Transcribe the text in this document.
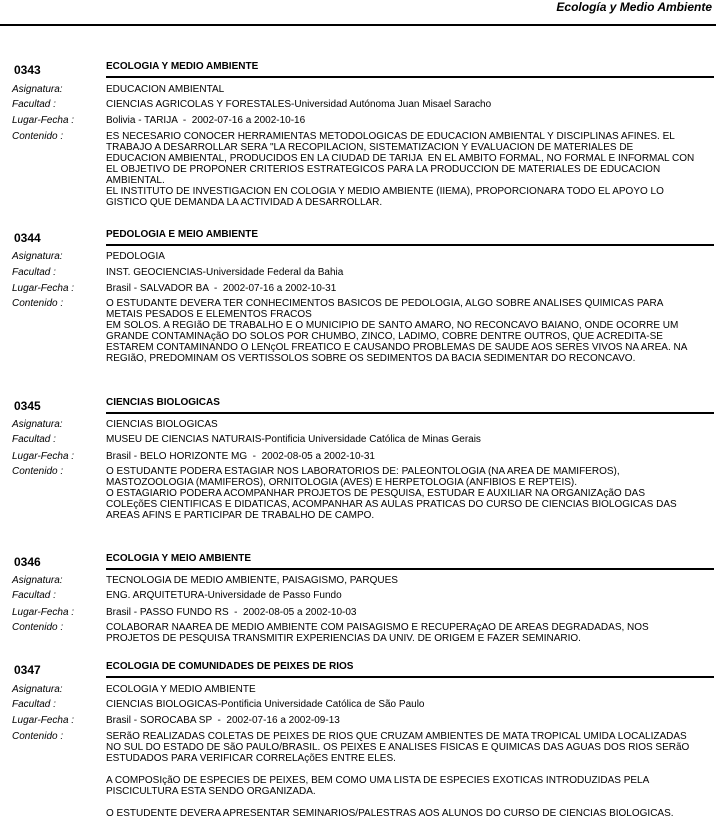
Ecología y Medio Ambiente
0343	ECOLOGIA Y MEDIO AMBIENTE
Asignatura:	EDUCACION AMBIENTAL
Facultad :	CIENCIAS AGRICOLAS Y FORESTALES-Universidad Autónoma Juan Misael Saracho
Lugar-Fecha :	Bolivia - TARIJA  -  2002-07-16 a 2002-10-16
Contenido :	ES NECESARIO CONOCER HERRAMIENTAS METODOLOGICAS DE EDUCACION AMBIENTAL Y DISCIPLINAS AFINES. EL
TRABAJO A DESARROLLAR SERA "LA RECOPILACION, SISTEMATIZACION Y EVALUACION DE MATERIALES DE
EDUCACION AMBIENTAL, PRODUCIDOS EN LA CIUDAD DE TARIJA  EN EL AMBITO FORMAL, NO FORMAL E INFORMAL CON
EL OBJETIVO DE PROPONER CRITERIOS ESTRATEGICOS PARA LA PRODUCCION DE MATERIALES DE EDUCACION
AMBIENTAL.
EL INSTITUTO DE INVESTIGACION EN COLOGIA Y MEDIO AMBIENTE (IIEMA), PROPORCIONARA TODO EL APOYO LO
GISTICO QUE DEMANDA LA ACTIVIDAD A DESARROLLAR.
0344	PEDOLOGIA E MEIO AMBIENTE
Asignatura:	PEDOLOGIA
Facultad :	INST. GEOCIENCIAS-Universidade Federal da Bahia
Lugar-Fecha :	Brasil - SALVADOR BA  -  2002-07-16 a 2002-10-31
Contenido :	O ESTUDANTE DEVERA TER CONHECIMENTOS BASICOS DE PEDOLOGIA, ALGO SOBRE ANALISES QUIMICAS PARA
METAIS PESADOS E ELEMENTOS FRACOS
EM SOLOS. A REGIãO DE TRABALHO E O MUNICIPIO DE SANTO AMARO, NO RECONCAVO BAIANO, ONDE OCORRE UM
GRANDE CONTAMINAçãO DO SOLOS POR CHUMBO, ZINCO, LADIMO, COBRE DENTRE OUTROS, QUE ACREDITA-SE
ESTAREM CONTAMINANDO O LENçOL FREATICO E CAUSANDO PROBLEMAS DE SAUDE AOS SERES VIVOS NA AREA. NA
REGIãO, PREDOMINAM OS VERTISSOLOS SOBRE OS SEDIMENTOS DA BACIA SEDIMENTAR DO RECONCAVO.
0345	CIENCIAS BIOLOGICAS
Asignatura:	CIENCIAS BIOLOGICAS
Facultad :	MUSEU DE CIENCIAS NATURAIS-Pontificia Universidade Católica de Minas Gerais
Lugar-Fecha :	Brasil - BELO HORIZONTE MG  -  2002-08-05 a 2002-10-31
Contenido :	O ESTUDANTE PODERA ESTAGIAR NOS LABORATORIOS DE: PALEONTOLOGIA (NA AREA DE MAMIFEROS),
MASTOZOOLOGIA (MAMIFEROS), ORNITOLOGIA (AVES) E HERPETOLOGIA (ANFIBIOS E REPTEIS).
O ESTAGIARIO PODERA ACOMPANHAR PROJETOS DE PESQUISA, ESTUDAR E AUXILIAR NA ORGANIZAçãO DAS
COLEçõES CIENTIFICAS E DIDATICAS, ACOMPANHAR AS AULAS PRATICAS DO CURSO DE CIENCIAS BIOLOGICAS DAS
AREAS AFINS E PARTICIPAR DE TRABALHO DE CAMPO.
0346	ECOLOGIA Y MEIO AMBIENTE
Asignatura:	TECNOLOGIA DE MEDIO AMBIENTE, PAISAGISMO, PARQUES
Facultad :	ENG. ARQUITETURA-Universidade de Passo Fundo
Lugar-Fecha :	Brasil - PASSO FUNDO RS  -  2002-08-05 a 2002-10-03
Contenido :	COLABORAR NAAREA DE MEDIO AMBIENTE COM PAISAGISMO E RECUPERAçAO DE AREAS DEGRADADAS, NOS
PROJETOS DE PESQUISA TRANSMITIR EXPERIENCIAS DA UNIV. DE ORIGEM E FAZER SEMINARIO.
0347	ECOLOGIA DE COMUNIDADES DE PEIXES DE RIOS
Asignatura:	ECOLOGIA Y MEDIO AMBIENTE
Facultad :	CIENCIAS BIOLOGICAS-Pontificia Universidade Católica de São Paulo
Lugar-Fecha :	Brasil - SOROCABA SP  -  2002-07-16 a 2002-09-13
Contenido :	SERãO REALIZADAS COLETAS DE PEIXES DE RIOS QUE CRUZAM AMBIENTES DE MATA TROPICAL UMIDA LOCALIZADAS
NO SUL DO ESTADO DE SãO PAULO/BRASIL. OS PEIXES E ANALISES FISICAS E QUIMICAS DAS AGUAS DOS RIOS SERãO
ESTUDADOS PARA VERIFICAR CORRELAçõES ENTRE ELES.

A COMPOSIçãO DE ESPECIES DE PEIXES, BEM COMO UMA LISTA DE ESPECIES EXOTICAS INTRODUZIDAS PELA
PISCICULTURA ESTA SENDO ORGANIZADA.

O ESTUDENTE DEVERA APRESENTAR SEMINARIOS/PALESTRAS AOS ALUNOS DO CURSO DE CIENCIAS BIOLOGICAS.
